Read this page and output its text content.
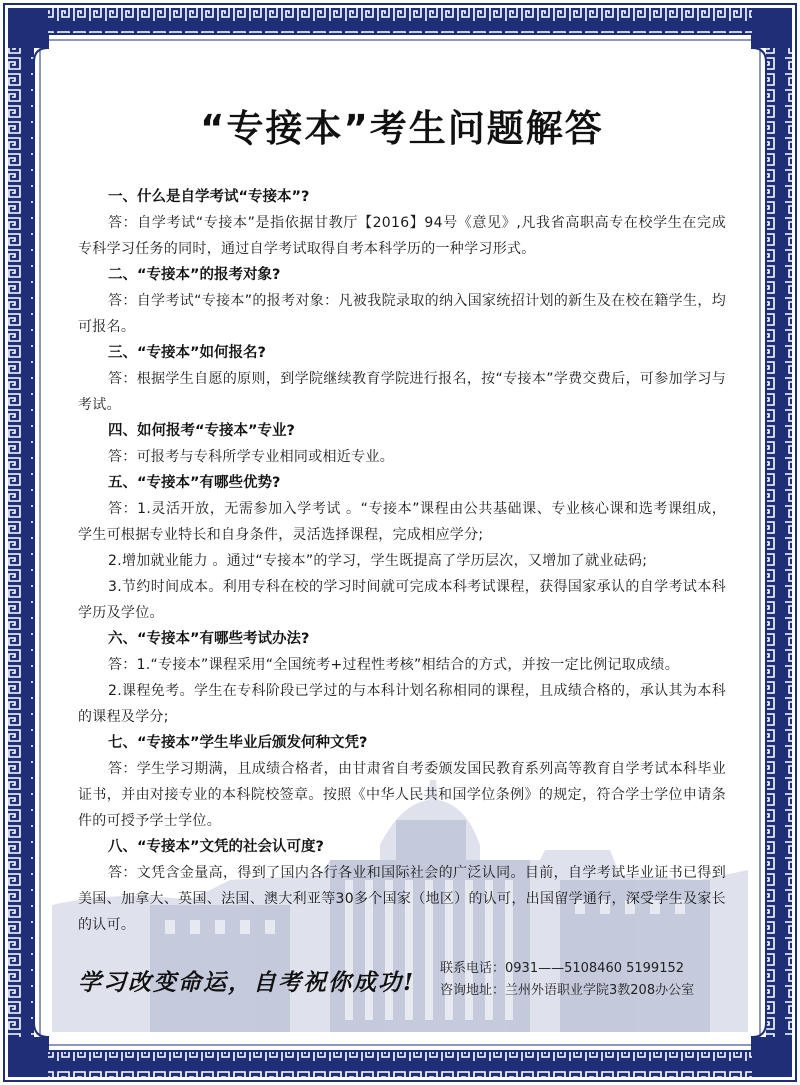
“专接本”考生问题解答

一、什么是自学考试“专接本”?

答：自学考试“专接本”是指依据甘教厅【2016】94号《意见》,凡我省高职高专在校学生在完成专科学习任务的同时，通过自学考试取得自考本科学历的一种学习形式。

二、“专接本”的报考对象?

答：自学考试“专接本”的报考对象：凡被我院录取的纳入国家统招计划的新生及在校在籍学生，均可报名。

三、“专接本”如何报名?

答：根据学生自愿的原则，到学院继续教育学院进行报名，按“专接本”学费交费后，可参加学习与考试。

四、如何报考“专接本”专业?

答：可报考与专科所学专业相同或相近专业。

五、“专接本”有哪些优势?

答：1.灵活开放，无需参加入学考试 。“专接本”课程由公共基础课、专业核心课和选考课组成，学生可根据专业特长和自身条件，灵活选择课程，完成相应学分;

2.增加就业能力 。通过“专接本”的学习，学生既提高了学历层次，又增加了就业砝码;

3.节约时间成本。利用专科在校的学习时间就可完成本科考试课程，获得国家承认的自学考试本科学历及学位。

六、“专接本”有哪些考试办法?

答：1.“专接本”课程采用“全国统考+过程性考核”相结合的方式，并按一定比例记取成绩。

2.课程免考。学生在专科阶段已学过的与本科计划名称相同的课程，且成绩合格的，承认其为本科的课程及学分;

七、“专接本”学生毕业后颁发何种文凭?

答：学生学习期满，且成绩合格者，由甘肃省自考委颁发国民教育系列高等教育自学考试本科毕业证书，并由对接专业的本科院校签章。按照《中华人民共和国学位条例》的规定，符合学士学位申请条件的可授予学士学位。

八、“专接本”文凭的社会认可度?

答：文凭含金量高，得到了国内各行各业和国际社会的广泛认同。目前，自学考试毕业证书已得到美国、加拿大、英国、法国、澳大利亚等30多个国家（地区）的认可，出国留学通行，深受学生及家长的认可。

学习改变命运，自考祝你成功!
联系电话：0931——5108460 5199152
咨询地址：兰州外语职业学院3教208办公室
